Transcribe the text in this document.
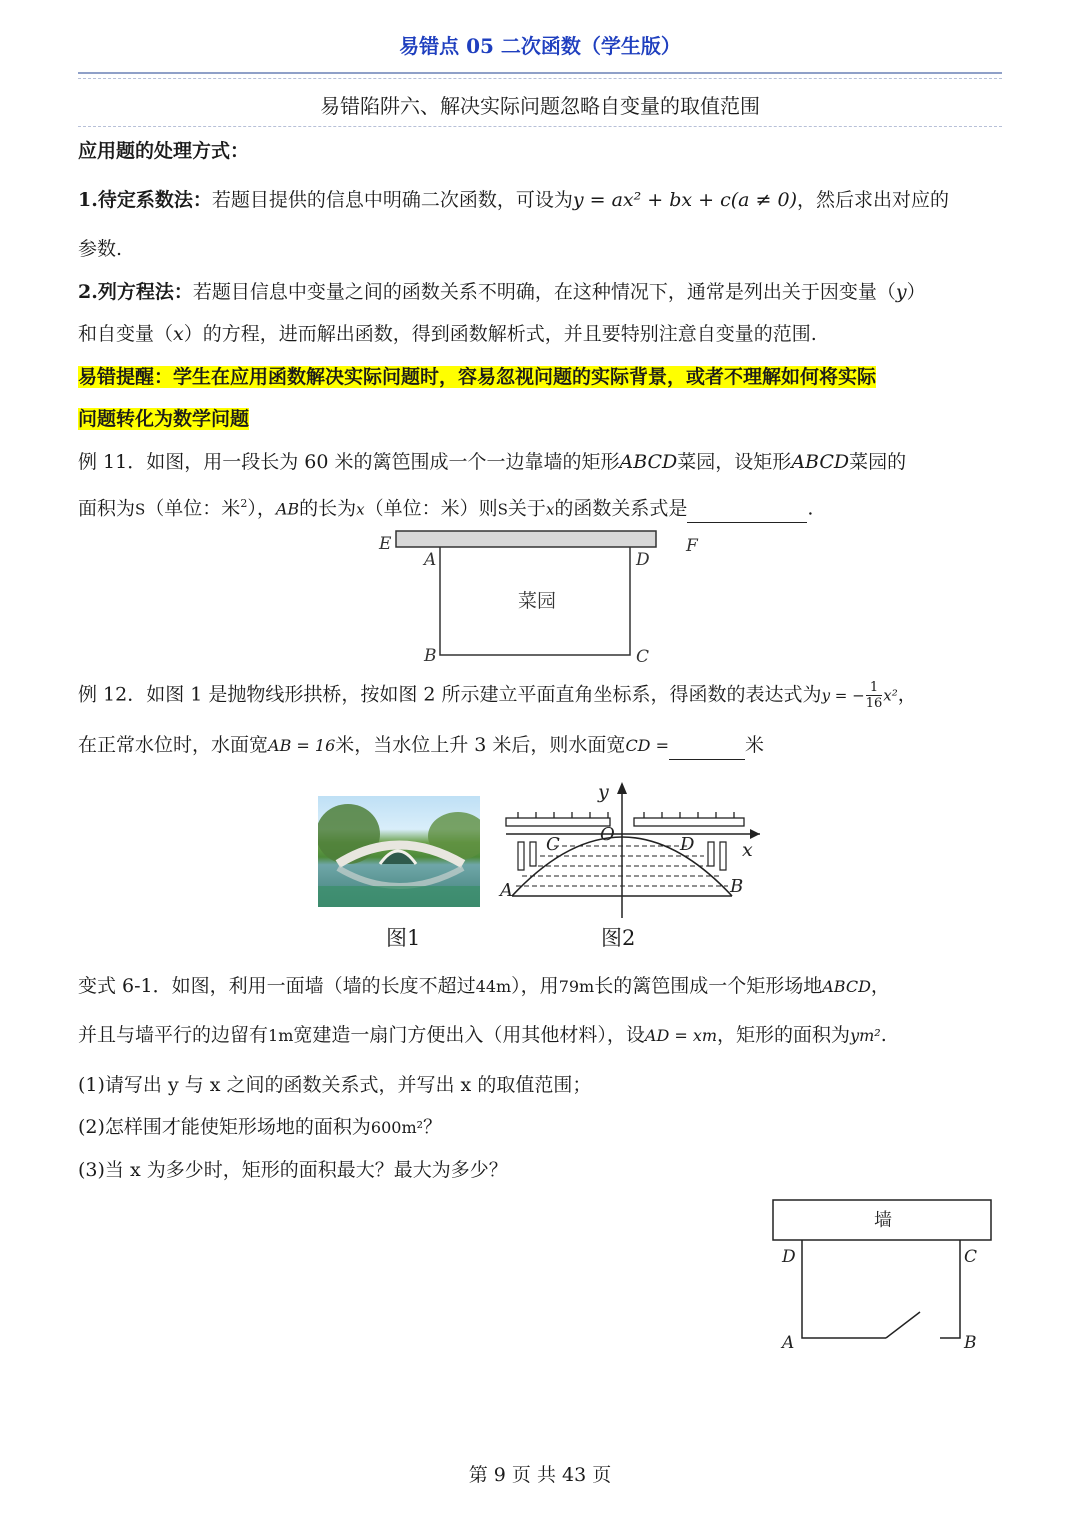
易错点 05 二次函数（学生版）
易错陷阱六、解决实际问题忽略自变量的取值范围
应用题的处理方式：
1.待定系数法：若题目提供的信息中明确二次函数，可设为y = ax² + bx + c(a ≠ 0)，然后求出对应的
参数.
2.列方程法：若题目信息中变量之间的函数关系不明确，在这种情况下，通常是列出关于因变量（y）
和自变量（x）的方程，进而解出函数，得到函数解析式，并且要特别注意自变量的范围.
易错提醒：学生在应用函数解决实际问题时，容易忽视问题的实际背景，或者不理解如何将实际
问题转化为数学问题
例 11．如图，用一段长为 60 米的篱笆围成一个一边靠墙的矩形ABCD菜园，设矩形ABCD菜园的
面积为S（单位：米$^2$），AB的长为x（单位：米）则S关于x的函数关系式是	.
菜园
E	F
A	D
B	C
例 12．如图 1 是抛物线形拱桥，按如图 2 所示建立平面直角坐标系，得函数的表达式为y = − $\frac{1}{16} x^2$，
在正常水位时，水面宽AB = 16米，当水位上升 3 米后，则水面宽CD =	米
C	D
O
y
x
A	B
图1	图2
变式 6-1．如图，利用一面墙（墙的长度不超过44m），用79m长的篱笆围成一个矩形场地ABCD，
并且与墙平行的边留有1m宽建造一扇门方便出入（用其他材料），设AD = xm，矩形的面积为ym².
(1)请写出 y 与 x 之间的函数关系式，并写出 x 的取值范围；
(2)怎样围才能使矩形场地的面积为600m²？
(3)当 x 为多少时，矩形的面积最大？最大为多少？
墙
D	C
A	B
第 9 页 共 43 页
